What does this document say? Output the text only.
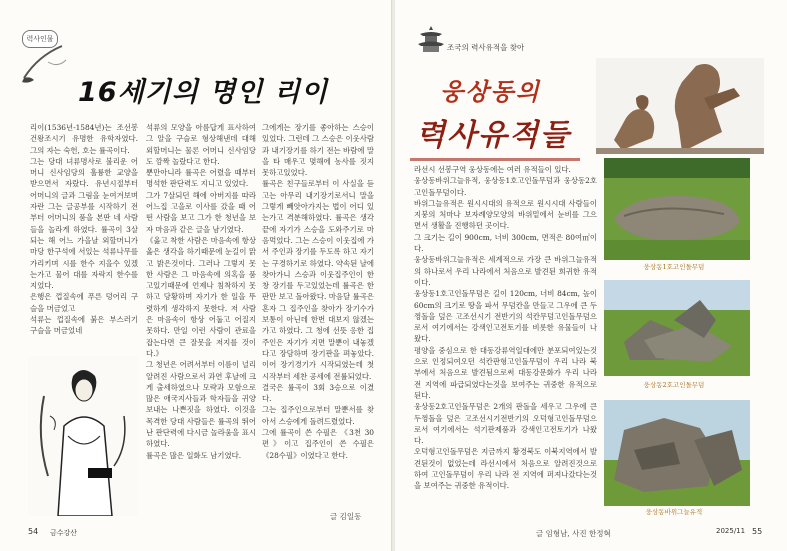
력사인물
16세기의 명인 리이
리이(1536년-1584년)는 조선봉건왕조시기 유명한 유학자였다. 그의 자는 숙헌, 호는 률곡이다.
그는 당대 녀류명사로 불리운 어머니 신사임당의 훌륭한 교양을 받으면서 자랐다. 유년시절부터 어머니의 글과 그림을 눈여겨보며 자란 그는 글공부를 시작하기 전부터 어머니의 품을 본딴 네 사람들을 놀라게 하였다. 률곡이 3살되는 해 어느 가을날 외할머니가 마당 한구석에 서있는 석류나무를 가리키며 시를 한수 지을수 있겠는가고 물어 대를 자락지 한수를 지었다.
은행은 껍질속에 푸른 덩어리 구슬을 머금었고
석류는 껍질속에 붉은 부스러기 구슬을 머금었네
석류의 모양을 아름답게 표사하여 그 알을 구슬로 형상해낸데 대해 외할머니는 물론 어머니 신사임당도 깜짝 놀랐다고 한다.
뿐만아니라 률곡은 어렸을 때부터 명석한 판단력도 지니고 있었다.
그가 7살되던 해에 아버지를 따라 어느집 고을로 이사를 갔을 때 어떤 사람을 보고 그가 한 청년을 보자 마음과 같은 글을 남기였다.
《옳고 착한 사람은 마음속에 항상 옳은 생각을 하기때문에 눈길이 맑고 밝은것이다. 그러나 그렇지 못한 사람은 그 마음속에 의혹을 품고있기때문에 언제나 침착하지 못하고 당황하며 자기가 한 일을 뚜렷하게 생각하지 못한다. 저 사람은 마음속이 항상 어둡고 어질지 못하다. 만일 이런 사람이 관료을 잡는다면 큰 잘못을 저지를 것이다.》
그 청년은 어려서부터 이름이 널리 알려진 사람으로서 과연 후날에 크게 출세하였으나 모략과 모함으로 많은 애국지사들과 학자들을 귀양보내는 나쁜짓을 하였다. 이것을 목격한 당대 사람들은 률곡의 뛰어난 판단력에 다시금 놀라움을 표시하였다.
률곡은 많은 일화도 남기였다.
그에게는 장기를 좋아하는 스승이 있었다. 그런데 그 스승은 이웃사람과 내기장기를 하기 전는 바람에 말을 타 매우고 몇해에 농사를 짓지 못하고있었다.
률곡은 친구들로부터 이 사실을 듣고는 아무리 내기장기로서니 말을 그렇게 빼앗아가지는 법이 어디 있는가고 격분해하였다. 률곡은 생각끝에 자기가 스승을 도와주기로 마음먹었다. 그는 스승이 이웃집에 가서 주인과 장기를 두도록 하고 자기는 구경하기로 하였다. 약속된 날에 찾아가니 스승과 이웃집주인이 한창 장기를 두고있었는데 률곡은 한판만 보고 돌아왔다. 마음달 률곡은 혼자 그 집주인을 찾아가 장기수가 보통이 아닌데 한번 대보지 않겠는가고 하였다. 그 청에 선뜻 응한 집주인은 자기가 지면 말뿐이 내놓겠다고 장담하며 장기판을 펴놓았다. 이어 장기경기가 시작되였는데 첫시작부터 세찬 공세에 전률되었다.
결국은 률곡이 3회 3승으로 이겼다.
그는 집주인으로부터 말뿐서를 찾아서 스승에게 돌려드렸었다.
그에 률곡이 쓴 수필은 《3천 30편》이고 집주인이 쓴 수필은 《28수필》이였다고 한다.
글 김일동
54 금수강산
조국의 력사유적을 찾아
웅상동의
력사유적들
라선시 선봉구역 웅상동에는 여러 유적들이 있다.
웅상동바위그늘유적, 웅상동1호고인돌무덤과 웅상동2호고인돌무덤이다.
바위그늘유적은 원시시대의 유적으로 원시시대 사람들이 지붕의 처마나 보자례양모양의 바위밑에서 눈비를 그으면서 생활을 진행하던 곳이다.
그 크기는 길이 900cm, 너비 300cm, 면적은 80여㎡이다.
웅상동바위그늘유적은 세계적으로 가장 큰 바위그늘유적의 하나로서 우리 나라에서 처음으로 발견된 희귀한 유적이다.
웅상동1호고인돌무덤은 길이 120cm, 너비 84cm, 높이 60cm의 크기로 땅을 파서 무덤칸을 만들고 그우에 큰 두껑돌을 덮은 고조선시기 전반기의 석칸무덤고인돌무덤으로서 여기에서는 강색인고전토기를 비롯한 유물들이 나왔다.
평양을 중심으로 한 대동강류역일대에만 분포되여있는것으로 인정되여오던 석칸판형고인돌무덤이 우리 나라 북부에서 처음으로 발견됨으로써 대동강문화가 우리 나라 전 지역에 파급되였다는것을 보여주는 귀중한 유적으로 된다.
웅상동2호고인돌무덤은 2개의 판돌을 세우고 그우에 큰 두껑돌을 덮은 고조선시기전반기의 오덕형고인돌무덤으로서 여기에서는 석기판제품과 강색인고전토기가 나왔다.
오덕형고인돌무덤은 지금까지 황경북도 이북지역에서 발견된것이 없었는데 라선시에서 처음으로 알려진것으로 하여 고인돌무덤이 우리 나라 전 지역에 퍼져나갔다는것을 보여주는 귀중한 유적이다.
웅상동1호고인돌무덤
웅상동2호고인돌무덤
웅상동바위그늘유적
글 임형남, 사진 한정혁	2025/11 55
